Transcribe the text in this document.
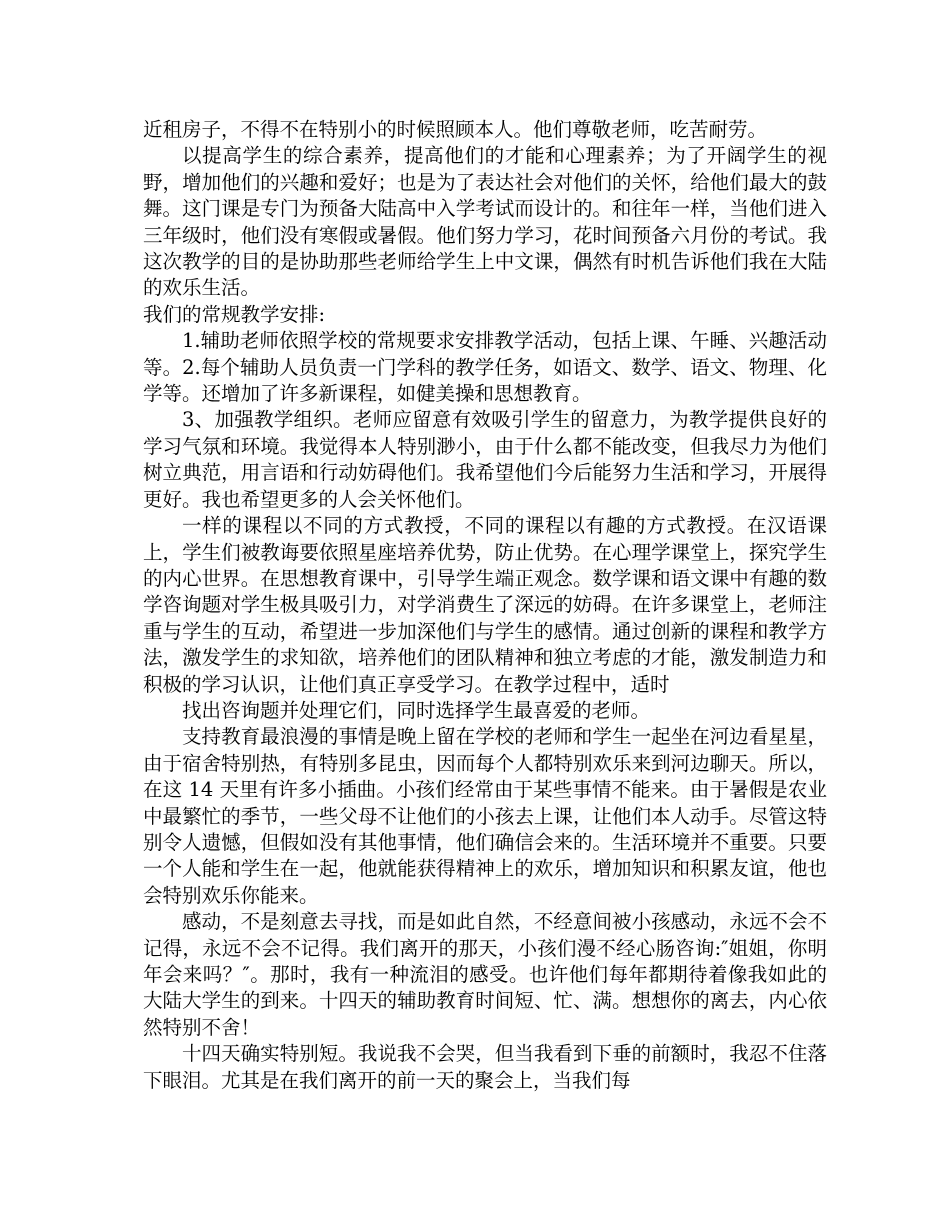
近租房子，不得不在特别小的时候照顾本人。他们尊敬老师，吃苦耐劳。

以提高学生的综合素养，提高他们的才能和心理素养；为了开阔学生的视野，增加他们的兴趣和爱好；也是为了表达社会对他们的关怀，给他们最大的鼓舞。这门课是专门为预备大陆高中入学考试而设计的。和往年一样，当他们进入三年级时，他们没有寒假或暑假。他们努力学习，花时间预备六月份的考试。我这次教学的目的是协助那些老师给学生上中文课，偶然有时机告诉他们我在大陆的欢乐生活。

我们的常规教学安排:

1.辅助老师依照学校的常规要求安排教学活动，包括上课、午睡、兴趣活动等。2.每个辅助人员负责一门学科的教学任务，如语文、数学、语文、物理、化学等。还增加了许多新课程，如健美操和思想教育。

3、加强教学组织。老师应留意有效吸引学生的留意力，为教学提供良好的学习气氛和环境。我觉得本人特别渺小，由于什么都不能改变，但我尽力为他们树立典范，用言语和行动妨碍他们。我希望他们今后能努力生活和学习，开展得更好。我也希望更多的人会关怀他们。

一样的课程以不同的方式教授，不同的课程以有趣的方式教授。在汉语课上，学生们被教诲要依照星座培养优势，防止优势。在心理学课堂上，探究学生的内心世界。在思想教育课中，引导学生端正观念。数学课和语文课中有趣的数学咨询题对学生极具吸引力，对学消费生了深远的妨碍。在许多课堂上，老师注重与学生的互动，希望进一步加深他们与学生的感情。通过创新的课程和教学方法，激发学生的求知欲，培养他们的团队精神和独立考虑的才能，激发制造力和积极的学习认识，让他们真正享受学习。在教学过程中，适时

找出咨询题并处理它们，同时选择学生最喜爱的老师。

支持教育最浪漫的事情是晚上留在学校的老师和学生一起坐在河边看星星，由于宿舍特别热，有特别多昆虫，因而每个人都特别欢乐来到河边聊天。所以，在这 14 天里有许多小插曲。小孩们经常由于某些事情不能来。由于暑假是农业中最繁忙的季节，一些父母不让他们的小孩去上课，让他们本人动手。尽管这特别令人遗憾，但假如没有其他事情，他们确信会来的。生活环境并不重要。只要一个人能和学生在一起，他就能获得精神上的欢乐，增加知识和积累友谊，他也会特别欢乐你能来。

感动，不是刻意去寻找，而是如此自然，不经意间被小孩感动，永远不会不记得，永远不会不记得。我们离开的那天，小孩们漫不经心肠咨询:″姐姐，你明年会来吗？″。那时，我有一种流泪的感受。也许他们每年都期待着像我如此的大陆大学生的到来。十四天的辅助教育时间短、忙、满。想想你的离去，内心依然特别不舍！

十四天确实特别短。我说我不会哭，但当我看到下垂的前额时，我忍不住落下眼泪。尤其是在我们离开的前一天的聚会上，当我们每
